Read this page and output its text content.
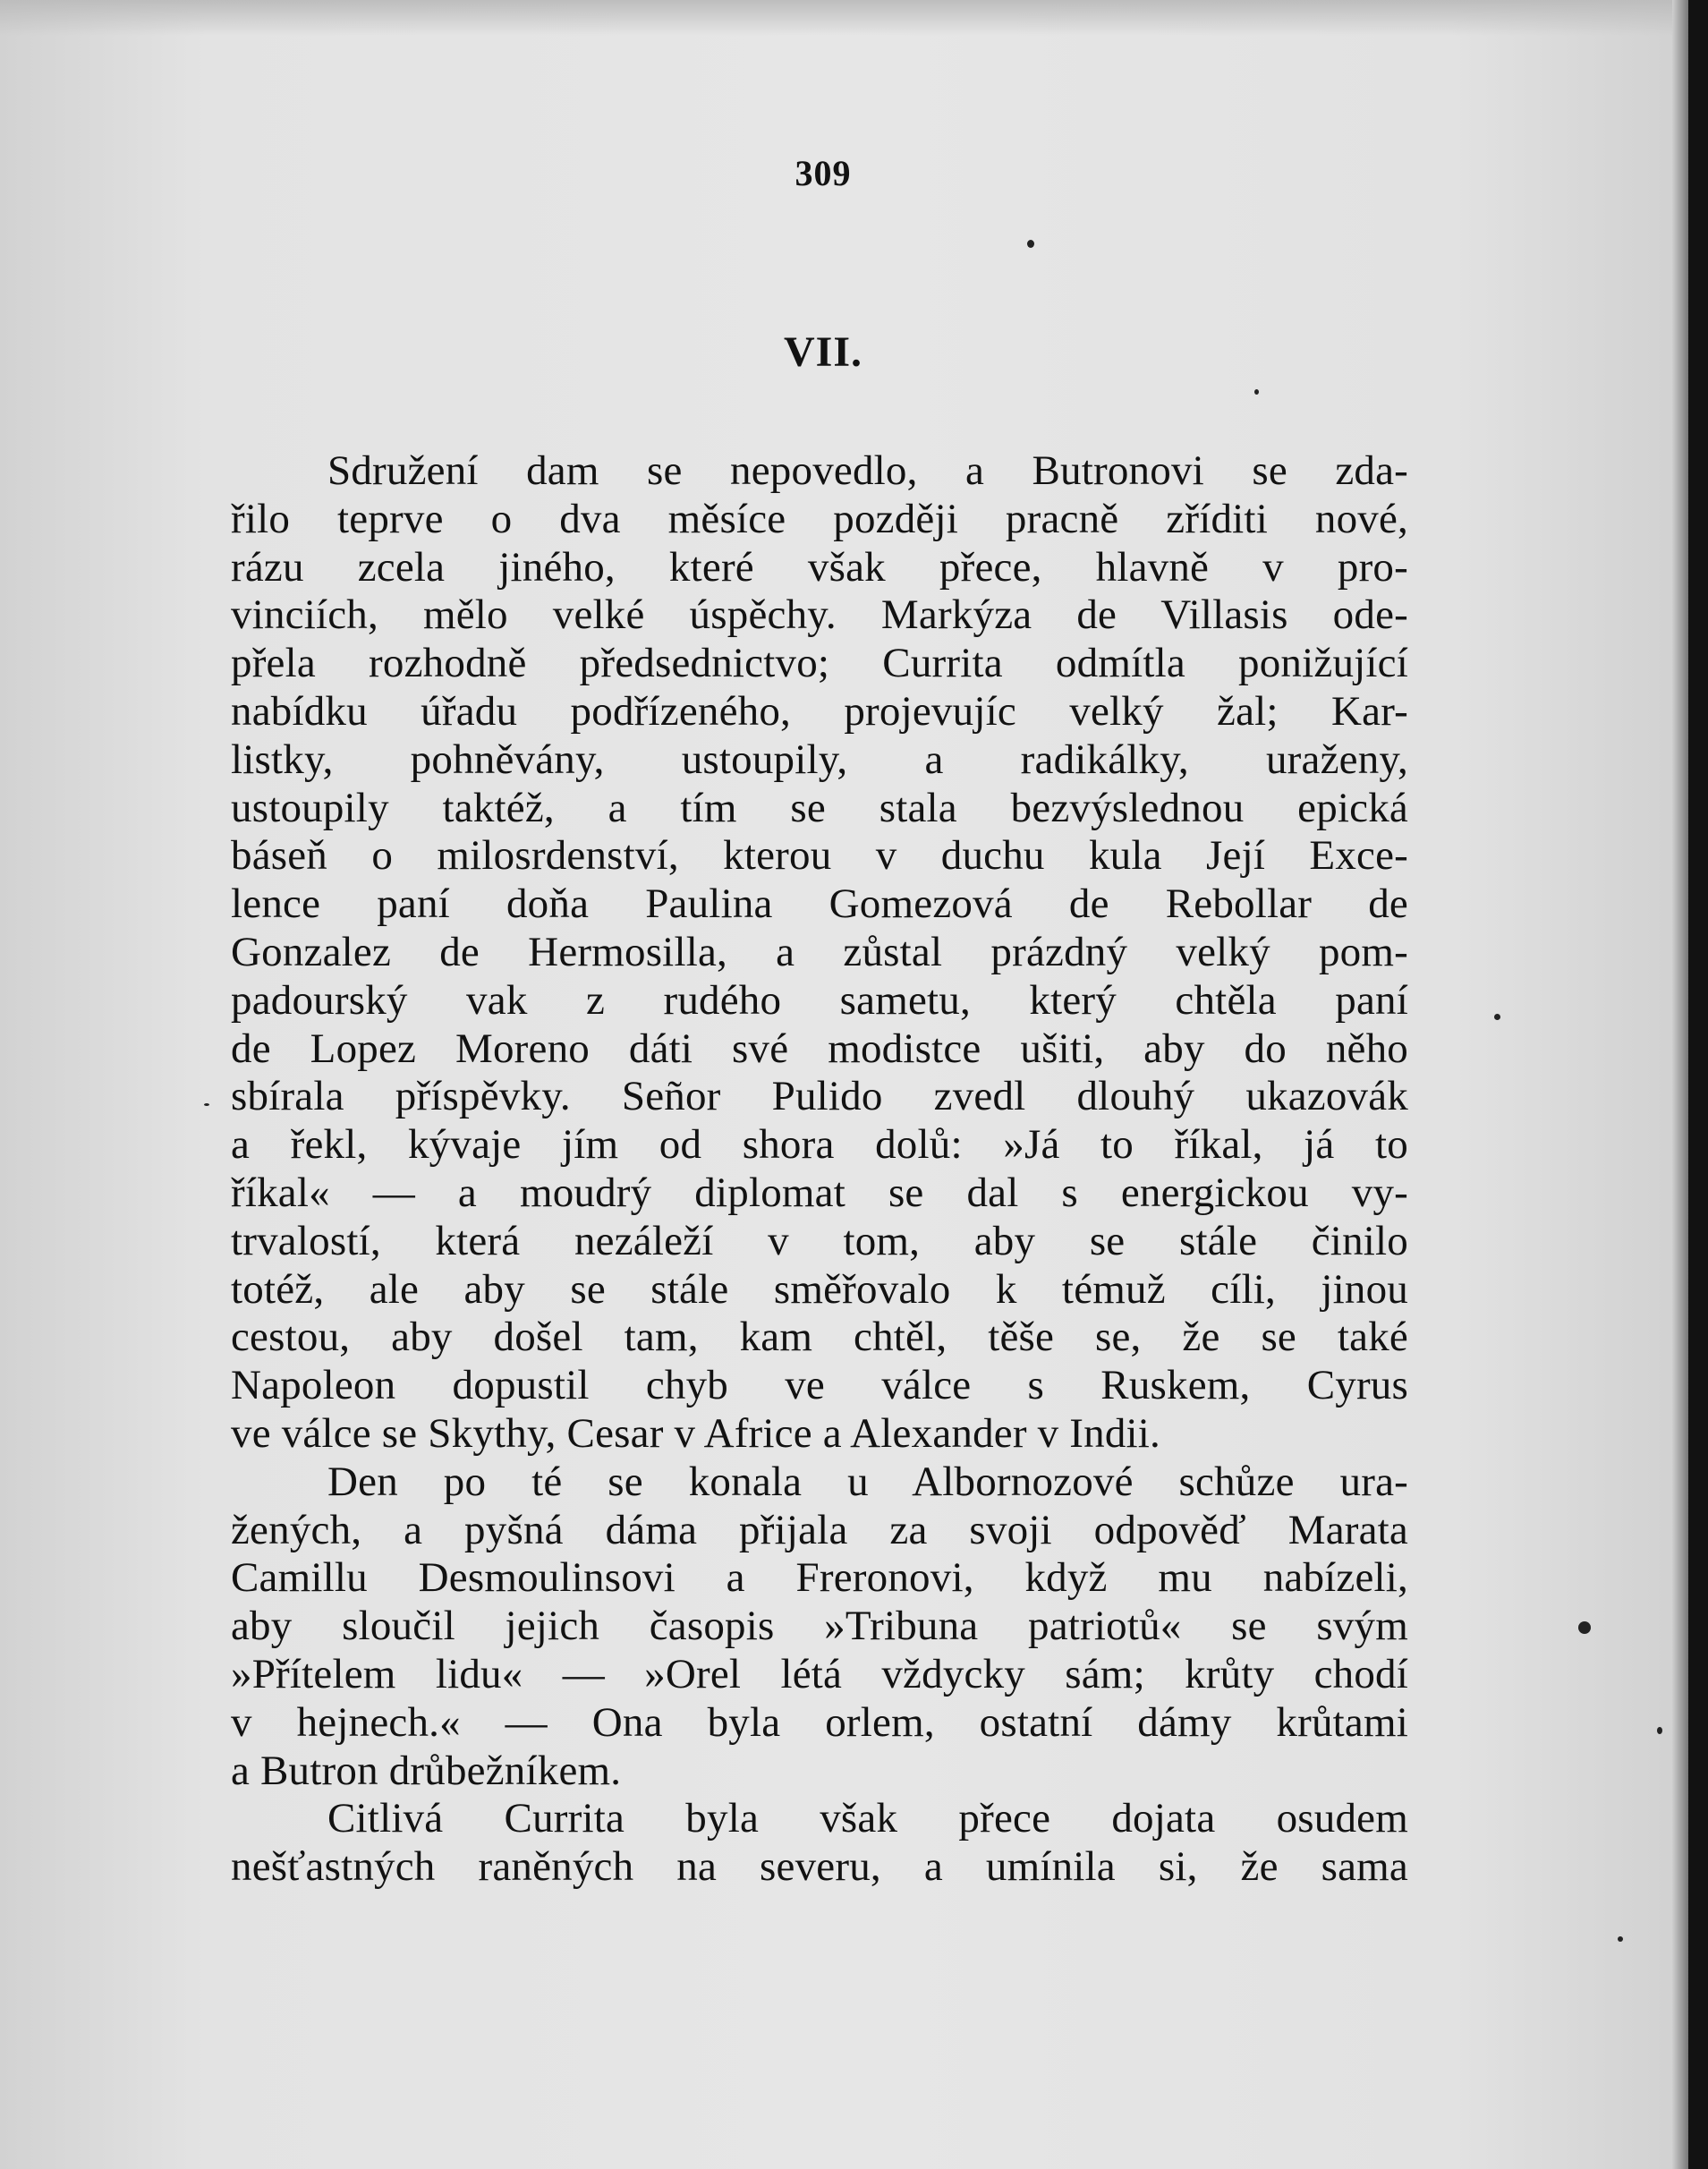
309
VII.
Sdružení dam se nepovedlo, a Butronovi se zda-
řilo teprve o dva měsíce později pracně zříditi nové,
rázu zcela jiného, které však přece, hlavně v pro-
vinciích, mělo velké úspěchy. Markýza de Villasis ode-
přela rozhodně předsednictvo; Currita odmítla ponižující
nabídku úřadu podřízeného, projevujíc velký žal; Kar-
listky, pohněvány, ustoupily, a radikálky, uraženy,
ustoupily taktéž, a tím se stala bezvýslednou epická
báseň o milosrdenství, kterou v duchu kula Její Exce-
lence paní doňa Paulina Gomezová de Rebollar de
Gonzalez de Hermosilla, a zůstal prázdný velký pom-
padourský vak z rudého sametu, který chtěla paní
de Lopez Moreno dáti své modistce ušiti, aby do něho
sbírala příspěvky. Señor Pulido zvedl dlouhý ukazovák
a řekl, kývaje jím od shora dolů: »Já to říkal, já to
říkal« — a moudrý diplomat se dal s energickou vy-
trvalostí, která nezáleží v tom, aby se stále činilo
totéž, ale aby se stále směřovalo k témuž cíli, jinou
cestou, aby došel tam, kam chtěl, těše se, že se také
Napoleon dopustil chyb ve válce s Ruskem, Cyrus
ve válce se Skythy, Cesar v Africe a Alexander v Indii.
Den po té se konala u Albornozové schůze ura-
žených, a pyšná dáma přijala za svoji odpověď Marata
Camillu Desmoulinsovi a Freronovi, když mu nabízeli,
aby sloučil jejich časopis »Tribuna patriotů« se svým
»Přítelem lidu« — »Orel létá vždycky sám; krůty chodí
v hejnech.« — Ona byla orlem, ostatní dámy krůtami
a Butron drůbežníkem.
Citlivá Currita byla však přece dojata osudem
nešťastných raněných na severu, a umínila si, že sama
